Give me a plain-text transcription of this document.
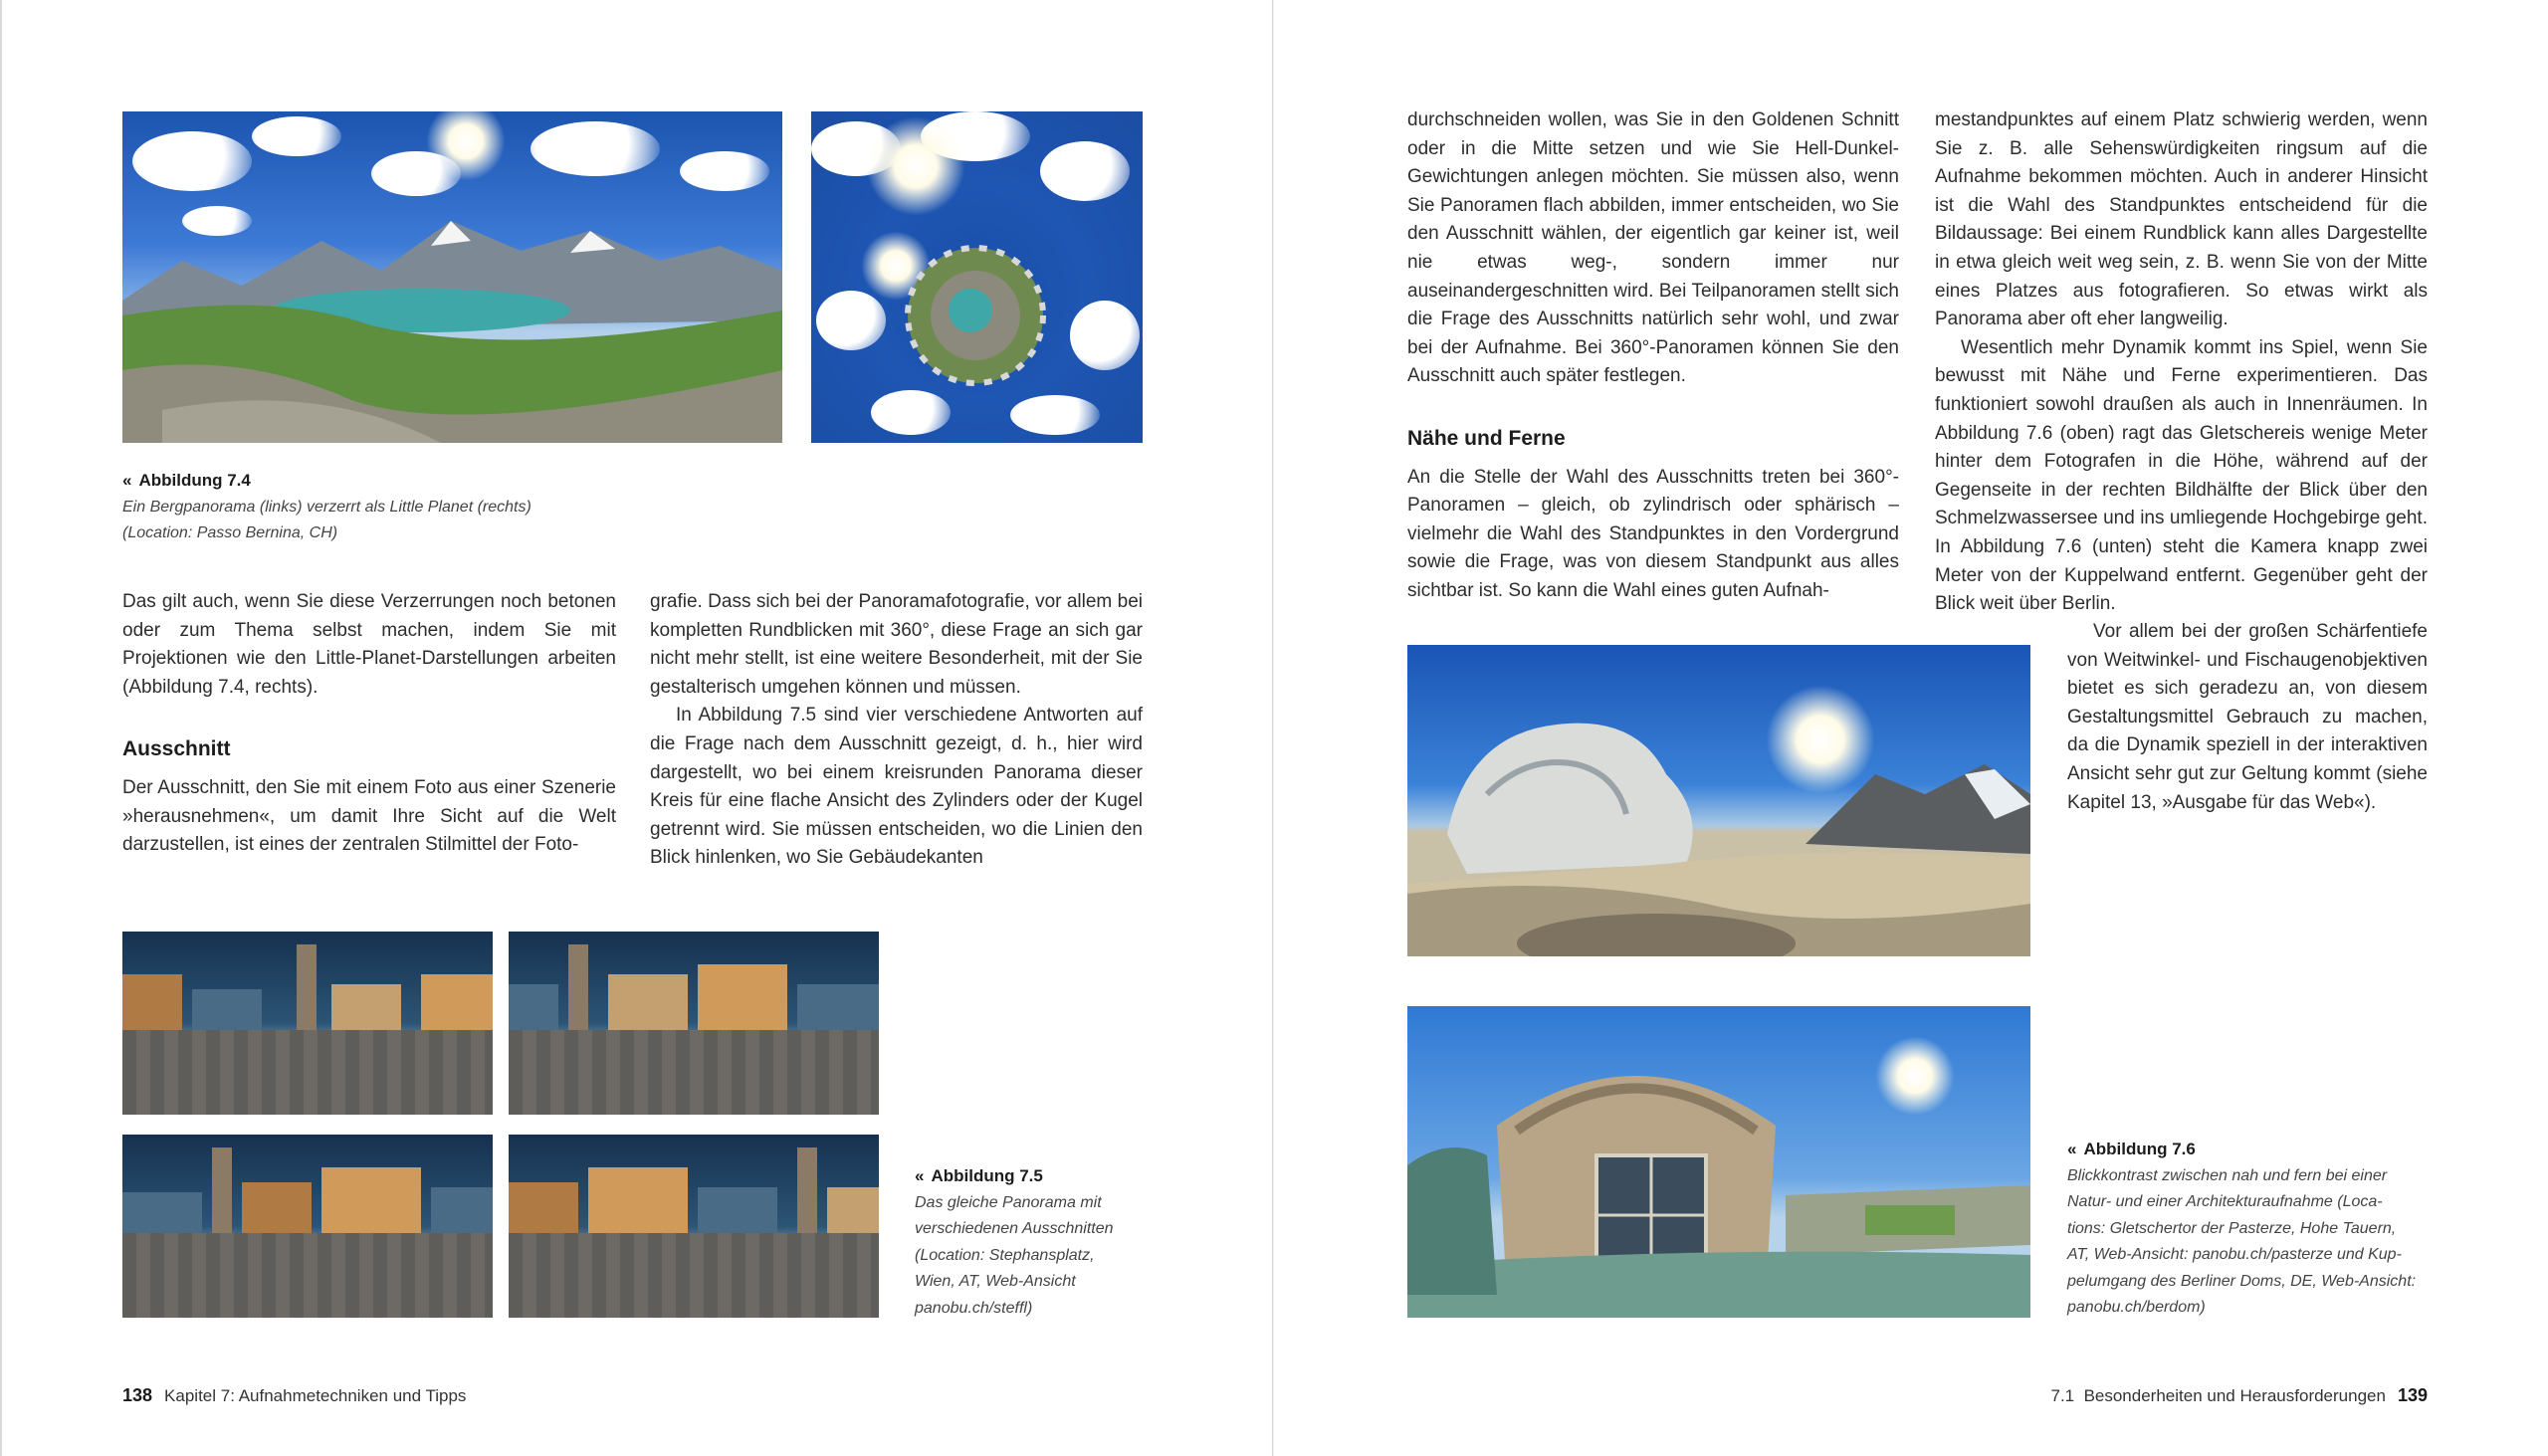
« Abbildung 7.4
Ein Bergpanorama (links) verzerrt als Little Planet (rechts)
(Location: Passo Bernina, CH)

Das gilt auch, wenn Sie diese Verzerrungen noch betonen oder zum Thema selbst machen, indem Sie mit Projektionen wie den Little-Planet-Darstellungen arbeiten (Abbildung 7.4, rechts).

Ausschnitt

Der Ausschnitt, den Sie mit einem Foto aus einer Szenerie »herausnehmen«, um damit Ihre Sicht auf die Welt darzustellen, ist eines der zentralen Stilmittel der Foto-

grafie. Dass sich bei der Panoramafotografie, vor allem bei kompletten Rundblicken mit 360°, diese Frage an sich gar nicht mehr stellt, ist eine weitere Besonderheit, mit der Sie gestalterisch umgehen können und müssen.

In Abbildung 7.5 sind vier verschiedene Antworten auf die Frage nach dem Ausschnitt gezeigt, d. h., hier wird dargestellt, wo bei einem kreisrunden Panorama dieser Kreis für eine flache Ansicht des Zylinders oder der Kugel getrennt wird. Sie müssen entscheiden, wo die Linien den Blick hinlenken, wo Sie Gebäudekanten

« Abbildung 7.5
Das gleiche Panorama mit
verschiedenen Ausschnitten
(Location: Stephansplatz,
Wien, AT, Web-Ansicht
panobu.ch/steffl)
138 Kapitel 7: Aufnahmetechniken und Tipps

durchschneiden wollen, was Sie in den Goldenen Schnitt oder in die Mitte setzen und wie Sie Hell-Dunkel-Gewichtungen anlegen möchten. Sie müssen also, wenn Sie Panoramen flach abbilden, immer entscheiden, wo Sie den Ausschnitt wählen, der eigentlich gar keiner ist, weil nie etwas weg-, sondern immer nur auseinandergeschnitten wird. Bei Teilpanoramen stellt sich die Frage des Ausschnitts natürlich sehr wohl, und zwar bei der Aufnahme. Bei 360°-Panoramen können Sie den Ausschnitt auch später festlegen.

Nähe und Ferne

An die Stelle der Wahl des Ausschnitts treten bei 360°-Panoramen – gleich, ob zylindrisch oder sphärisch – vielmehr die Wahl des Standpunktes in den Vordergrund sowie die Frage, was von diesem Standpunkt aus alles sichtbar ist. So kann die Wahl eines guten Aufnah-

mestandpunktes auf einem Platz schwierig werden, wenn Sie z. B. alle Sehenswürdigkeiten ringsum auf die Aufnahme bekommen möchten. Auch in anderer Hinsicht ist die Wahl des Standpunktes entscheidend für die Bildaussage: Bei einem Rundblick kann alles Dargestellte in etwa gleich weit weg sein, z. B. wenn Sie von der Mitte eines Platzes aus fotografieren. So etwas wirkt als Panorama aber oft eher langweilig.

Wesentlich mehr Dynamik kommt ins Spiel, wenn Sie bewusst mit Nähe und Ferne experimentieren. Das funktioniert sowohl draußen als auch in Innenräumen. In Abbildung 7.6 (oben) ragt das Gletschereis wenige Meter hinter dem Fotografen in die Höhe, während auf der Gegenseite in der rechten Bildhälfte der Blick über den Schmelzwassersee und ins umliegende Hochgebirge geht. In Abbildung 7.6 (unten) steht die Kamera knapp zwei Meter von der Kuppelwand entfernt. Gegenüber geht der Blick weit über Berlin.

Vor allem bei der großen Schärfentiefe von Weitwinkel- und Fischaugenobjektiven bietet es sich geradezu an, von diesem Gestaltungsmittel Gebrauch zu machen, da die Dynamik speziell in der interaktiven Ansicht sehr gut zur Geltung kommt (siehe Kapitel 13, »Ausgabe für das Web«).

« Abbildung 7.6
Blickkontrast zwischen nah und fern bei einer
Natur- und einer Architekturaufnahme (Loca-
tions: Gletschertor der Pasterze, Hohe Tauern,
AT, Web-Ansicht: panobu.ch/pasterze und Kup-
pelumgang des Berliner Doms, DE, Web-Ansicht:
panobu.ch/berdom)
7.1  Besonderheiten und Herausforderungen 139
